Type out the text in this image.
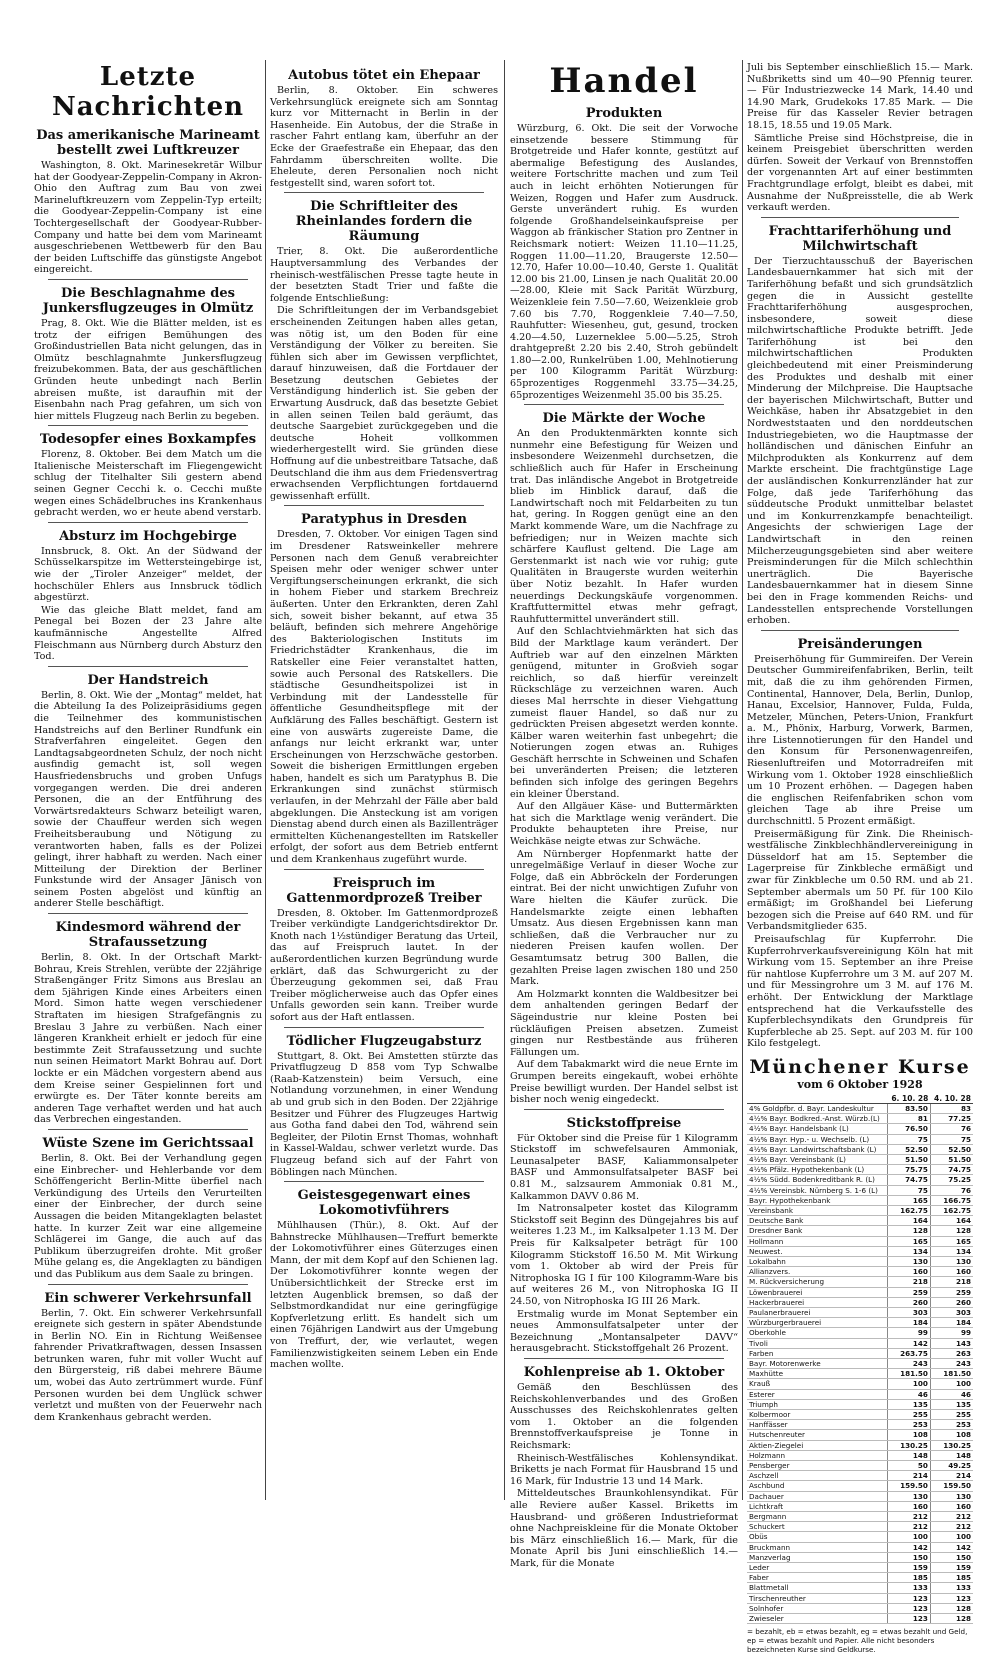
Letzte Nachrichten
Das amerikanische Marineamt bestellt zwei Luftkreuzer

Washington, 8. Okt. Marinesekretär Wilbur hat der Goodyear-Zeppelin-Company in Akron-Ohio den Auftrag zum Bau von zwei Marineluftkreuzern vom Zeppelin-Typ erteilt; die Goodyear-Zeppelin-Company ist eine Tochtergesellschaft der Goodyear-Rubber-Company und hatte bei dem vom Marineamt ausgeschriebenen Wettbewerb für den Bau der beiden Luftschiffe das günstigste Angebot eingereicht.

Die Beschlagnahme des Junkersflugzeuges in Olmütz

Prag, 8. Okt. Wie die Blätter melden, ist es trotz der eifrigen Bemühungen des Großindustriellen Bata nicht gelungen, das in Olmütz beschlagnahmte Junkersflugzeug freizubekommen. Bata, der aus geschäftlichen Gründen heute unbedingt nach Berlin abreisen mußte, ist daraufhin mit der Eisenbahn nach Prag gefahren, um sich von hier mittels Flugzeug nach Berlin zu begeben.

Todesopfer eines Boxkampfes

Florenz, 8. Oktober. Bei dem Match um die Italienische Meisterschaft im Fliegengewicht schlug der Titelhalter Sili gestern abend seinen Gegner Cecchi k. o. Cecchi mußte wegen eines Schädelbruches ins Krankenhaus gebracht werden, wo er heute abend verstarb.

Absturz im Hochgebirge

Innsbruck, 8. Okt. An der Südwand der Schüsselkarspitze im Wettersteingebirge ist, wie der „Tiroler Anzeiger“ meldet, der hochschüler Ehlers aus Innsbruck tödlich abgestürzt.

Wie das gleiche Blatt meldet, fand am Penegal bei Bozen der 23 Jahre alte kaufmännische Angestellte Alfred Fleischmann aus Nürnberg durch Absturz den Tod.

Der Handstreich

Berlin, 8. Okt. Wie der „Montag“ meldet, hat die Abteilung Ia des Polizeipräsidiums gegen die Teilnehmer des kommunistischen Handstreichs auf den Berliner Rundfunk ein Strafverfahren eingeleitet. Gegen den Landtagsabgeordneten Schulz, der noch nicht ausfindig gemacht ist, soll wegen Hausfriedensbruchs und groben Unfugs vorgegangen werden. Die drei anderen Personen, die an der Entführung des Vorwärtsredakteurs Schwarz beteiligt waren, sowie der Chauffeur werden sich wegen Freiheitsberaubung und Nötigung zu verantworten haben, falls es der Polizei gelingt, ihrer habhaft zu werden. Nach einer Mitteilung der Direktion der Berliner Funkstunde wird der Ansager Jänisch von seinem Posten abgelöst und künftig an anderer Stelle beschäftigt.

Kindesmord während der Strafaussetzung

Berlin, 8. Okt. In der Ortschaft Markt-Bohrau, Kreis Strehlen, verübte der 22jährige Straßengänger Fritz Simons aus Breslau an dem 5jährigen Kinde eines Arbeiters einen Mord. Simon hatte wegen verschiedener Straftaten im hiesigen Strafgefängnis zu Breslau 3 Jahre zu verbüßen. Nach einer längeren Krankheit erhielt er jedoch für eine bestimmte Zeit Strafaussetzung und suchte nun seinen Heimatort Markt Bohrau auf. Dort lockte er ein Mädchen vorgestern abend aus dem Kreise seiner Gespielinnen fort und erwürgte es. Der Täter konnte bereits am anderen Tage verhaftet werden und hat auch das Verbrechen eingestanden.

Wüste Szene im Gerichtssaal

Berlin, 8. Okt. Bei der Verhandlung gegen eine Einbrecher- und Hehlerbande vor dem Schöffengericht Berlin-Mitte überfiel nach Verkündigung des Urteils den Verurteilten einer der Einbrecher, der durch seine Aussagen die beiden Mitangeklagten belastet hatte. In kurzer Zeit war eine allgemeine Schlägerei im Gange, die auch auf das Publikum überzugreifen drohte. Mit großer Mühe gelang es, die Angeklagten zu bändigen und das Publikum aus dem Saale zu bringen.

Ein schwerer Verkehrsunfall

Berlin, 7. Okt. Ein schwerer Verkehrsunfall ereignete sich gestern in später Abendstunde in Berlin NO. Ein in Richtung Weißensee fahrender Privatkraftwagen, dessen Insassen betrunken waren, fuhr mit voller Wucht auf den Bürgersteig, riß dabei mehrere Bäume um, wobei das Auto zertrümmert wurde. Fünf Personen wurden bei dem Unglück schwer verletzt und mußten von der Feuerwehr nach dem Krankenhaus gebracht werden.

Autobus tötet ein Ehepaar

Berlin, 8. Oktober. Ein schweres Verkehrsunglück ereignete sich am Sonntag kurz vor Mitternacht in Berlin in der Hasenheide. Ein Autobus, der die Straße in rascher Fahrt entlang kam, überfuhr an der Ecke der Graefestraße ein Ehepaar, das den Fahrdamm überschreiten wollte. Die Eheleute, deren Personalien noch nicht festgestellt sind, waren sofort tot.

Die Schriftleiter des Rheinlandes fordern die Räumung

Trier, 8. Okt. Die außerordentliche Hauptversammlung des Verbandes der rheinisch-westfälischen Presse tagte heute in der besetzten Stadt Trier und faßte die folgende Entschließung:

Die Schriftleitungen der im Verbandsgebiet erscheinenden Zeitungen haben alles getan, was nötig ist, um den Boden für eine Verständigung der Völker zu bereiten. Sie fühlen sich aber im Gewissen verpflichtet, darauf hinzuweisen, daß die Fortdauer der Besetzung deutschen Gebietes der Verständigung hinderlich ist. Sie geben der Erwartung Ausdruck, daß das besetzte Gebiet in allen seinen Teilen bald geräumt, das deutsche Saargebiet zurückgegeben und die deutsche Hoheit vollkommen wiederhergestellt wird. Sie gründen diese Hoffnung auf die unbestreitbare Tatsache, daß Deutschland die ihm aus dem Friedensvertrag erwachsenden Verpflichtungen fortdauernd gewissenhaft erfüllt.

Paratyphus in Dresden

Dresden, 7. Oktober. Vor einigen Tagen sind im Dresdener Ratsweinkeller mehrere Personen nach dem Genuß verabreichter Speisen mehr oder weniger schwer unter Vergiftungserscheinungen erkrankt, die sich in hohem Fieber und starkem Brechreiz äußerten. Unter den Erkrankten, deren Zahl sich, soweit bisher bekannt, auf etwa 35 beläuft, befinden sich mehrere Angehörige des Bakteriologischen Instituts im Friedrichstädter Krankenhaus, die im Ratskeller eine Feier veranstaltet hatten, sowie auch Personal des Ratskellers. Die städtische Gesundheitspolizei ist in Verbindung mit der Landesstelle für öffentliche Gesundheitspflege mit der Aufklärung des Falles beschäftigt. Gestern ist eine von auswärts zugereiste Dame, die anfangs nur leicht erkrankt war, unter Erscheinungen von Herzschwäche gestorben. Soweit die bisherigen Ermittlungen ergeben haben, handelt es sich um Paratyphus B. Die Erkrankungen sind zunächst stürmisch verlaufen, in der Mehrzahl der Fälle aber bald abgeklungen. Die Ansteckung ist am vorigen Dienstag abend durch einen als Bazillenträger ermittelten Küchenangestellten im Ratskeller erfolgt, der sofort aus dem Betrieb entfernt und dem Krankenhaus zugeführt wurde.

Freispruch im Gattenmordprozeß Treiber

Dresden, 8. Oktober. Im Gattenmordprozeß Treiber verkündigte Landgerichtsdirektor Dr. Knoth nach 1½stündiger Beratung das Urteil, das auf Freispruch lautet. In der außerordentlichen kurzen Begründung wurde erklärt, daß das Schwurgericht zu der Überzeugung gekommen sei, daß Frau Treiber möglicherweise auch das Opfer eines Unfalls geworden sein kann. Treiber wurde sofort aus der Haft entlassen.

Tödlicher Flugzeugabsturz

Stuttgart, 8. Okt. Bei Amstetten stürzte das Privatflugzeug D 858 vom Typ Schwalbe (Raab-Katzenstein) beim Versuch, eine Notlandung vorzunehmen, in einer Wendung ab und grub sich in den Boden. Der 22jährige Besitzer und Führer des Flugzeuges Hartwig aus Gotha fand dabei den Tod, während sein Begleiter, der Pilotin Ernst Thomas, wohnhaft in Kassel-Waldau, schwer verletzt wurde. Das Flugzeug befand sich auf der Fahrt von Böblingen nach München.

Geistesgegenwart eines Lokomotivführers

Mühlhausen (Thür.), 8. Okt. Auf der Bahnstrecke Mühlhausen—Treffurt bemerkte der Lokomotivführer eines Güterzuges einen Mann, der mit dem Kopf auf den Schienen lag. Der Lokomotivführer konnte wegen der Unübersichtlichkeit der Strecke erst im letzten Augenblick bremsen, so daß der Selbstmordkandidat nur eine geringfügige Kopfverletzung erlitt. Es handelt sich um einen 76jährigen Landwirt aus der Umgebung von Treffurt, der, wie verlautet, wegen Familienzwistigkeiten seinem Leben ein Ende machen wollte.

Handel
Produkten

Würzburg, 6. Okt. Die seit der Vorwoche einsetzende bessere Stimmung für Brotgetreide und Hafer konnte, gestützt auf abermalige Befestigung des Auslandes, weitere Fortschritte machen und zum Teil auch in leicht erhöhten Notierungen für Weizen, Roggen und Hafer zum Ausdruck. Gerste unverändert ruhig. Es wurden folgende Großhandelseinkaufspreise per Waggon ab fränkischer Station pro Zentner in Reichsmark notiert: Weizen 11.10—11.25, Roggen 11.00—11.20, Braugerste 12.50—12.70, Hafer 10.00—10.40, Gerste 1. Qualität 12.00 bis 21.00, Linsen je nach Qualität 20.00—28.00, Kleie mit Sack Parität Würzburg, Weizenkleie fein 7.50—7.60, Weizenkleie grob 7.60 bis 7.70, Roggenkleie 7.40—7.50, Rauhfutter: Wiesenheu, gut, gesund, trocken 4.20—4.50, Luzerneklee 5.00—5.25, Stroh drahtgepreßt 2.20 bis 2.40, Stroh gebündelt 1.80—2.00, Runkelrüben 1.00, Mehlnotierung per 100 Kilogramm Parität Würzburg: 65prozentiges Roggenmehl 33.75—34.25, 65prozentiges Weizenmehl 35.00 bis 35.25.

Die Märkte der Woche

An den Produktenmärkten konnte sich nunmehr eine Befestigung für Weizen und insbesondere Weizenmehl durchsetzen, die schließlich auch für Hafer in Erscheinung trat. Das inländische Angebot in Brotgetreide blieb im Hinblick darauf, daß die Landwirtschaft noch mit Feldarbeiten zu tun hat, gering. In Roggen genügt eine an den Markt kommende Ware, um die Nachfrage zu befriedigen; nur in Weizen machte sich schärfere Kauflust geltend. Die Lage am Gerstenmarkt ist nach wie vor ruhig; gute Qualitäten in Braugerste wurden weiterhin über Notiz bezahlt. In Hafer wurden neuerdings Deckungskäufe vorgenommen. Kraftfuttermittel etwas mehr gefragt, Rauhfuttermittel unverändert still.

Auf den Schlachtviehmärkten hat sich das Bild der Marktlage kaum verändert. Der Auftrieb war auf den einzelnen Märkten genügend, mitunter in Großvieh sogar reichlich, so daß hierfür vereinzelt Rückschläge zu verzeichnen waren. Auch dieses Mal herrschte in dieser Viehgattung zumeist flauer Handel, so daß nur zu gedrückten Preisen abgesetzt werden konnte. Kälber waren weiterhin fast unbegehrt; die Notierungen zogen etwas an. Ruhiges Geschäft herrschte in Schweinen und Schafen bei unveränderten Preisen; die letzteren befinden sich infolge des geringen Begehrs ein kleiner Überstand.

Auf den Allgäuer Käse- und Buttermärkten hat sich die Marktlage wenig verändert. Die Produkte behaupteten ihre Preise, nur Weichkäse neigte etwas zur Schwäche.

Am Nürnberger Hopfenmarkt hatte der unregelmäßige Verlauf in dieser Woche zur Folge, daß ein Abbröckeln der Forderungen eintrat. Bei der nicht unwichtigen Zufuhr von Ware hielten die Käufer zurück. Die Handelsmarkte zeigte einen lebhaften Umsatz. Aus diesen Ergebnissen kann man schließen, daß die Verbraucher nur zu niederen Preisen kaufen wollen. Der Gesamtumsatz betrug 300 Ballen, die gezahlten Preise lagen zwischen 180 und 250 Mark.

Am Holzmarkt konnten die Waldbesitzer bei dem anhaltenden geringen Bedarf der Sägeindustrie nur kleine Posten bei rückläufigen Preisen absetzen. Zumeist gingen nur Restbestände aus früheren Fällungen um.

Auf dem Tabakmarkt wird die neue Ernte im Grumpen bereits eingekauft, wobei erhöhte Preise bewilligt wurden. Der Handel selbst ist bisher noch wenig eingedeckt.

Stickstoffpreise

Für Oktober sind die Preise für 1 Kilogramm Stickstoff im schwefelsauren Ammoniak, Leunasalpeter BASF, Kaliammonsalpeter BASF und Ammonsulfatsalpeter BASF bei 0.81 M., salzsaurem Ammoniak 0.81 M., Kalkammon DAVV 0.86 M.

Im Natronsalpeter kostet das Kilogramm Stickstoff seit Beginn des Düngejahres bis auf weiteres 1.23 M., im Kalksalpeter 1.13 M. Der Preis für Kalksalpeter beträgt für 100 Kilogramm Stickstoff 16.50 M. Mit Wirkung vom 1. Oktober ab wird der Preis für Nitrophoska IG I für 100 Kilogramm-Ware bis auf weiteres 26 M., von Nitrophoska IG II 24.50, von Nitrophoska IG III 26 Mark.

Erstmalig wurde im Monat September ein neues Ammonsulfatsalpeter unter der Bezeichnung „Montansalpeter DAVV“ herausgebracht. Stickstoffgehalt 26 Prozent.

Kohlenpreise ab 1. Oktober

Gemäß den Beschlüssen des Reichskohlenverbandes und des Großen Ausschusses des Reichskohlenrates gelten vom 1. Oktober an die folgenden Brennstoffverkaufspreise je Tonne in Reichsmark:

Rheinisch-Westfälisches Kohlensyndikat. Briketts je nach Format für Hausbrand 15 und 16 Mark, für Industrie 13 und 14 Mark.

Mitteldeutsches Braunkohlensyndikat. Für alle Reviere außer Kassel. Briketts im Hausbrand- und größeren Industrieformat ohne Nachpreiskleine für die Monate Oktober bis März einschließlich 16.— Mark, für die Monate April bis Juni einschließlich 14.— Mark, für die Monate

Juli bis September einschließlich 15.— Mark. Nußbriketts sind um 40—90 Pfennig teurer. — Für Industriezwecke 14 Mark, 14.40 und 14.90 Mark, Grudekoks 17.85 Mark. — Die Preise für das Kasseler Revier betragen 18.15, 18.55 und 19.05 Mark.

Sämtliche Preise sind Höchstpreise, die in keinem Preisgebiet überschritten werden dürfen. Soweit der Verkauf von Brennstoffen der vorgenannten Art auf einer bestimmten Frachtgrundlage erfolgt, bleibt es dabei, mit Ausnahme der Nußpreisstelle, die ab Werk verkauft werden.

Frachttariferhöhung und Milchwirtschaft

Der Tierzuchtausschuß der Bayerischen Landesbauernkammer hat sich mit der Tariferhöhung befaßt und sich grundsätzlich gegen die in Aussicht gestellte Frachttariferhöhung ausgesprochen, insbesondere, soweit diese milchwirtschaftliche Produkte betrifft. Jede Tariferhöhung ist bei den milchwirtschaftlichen Produkten gleichbedeutend mit einer Preisminderung des Produktes und deshalb mit einer Minderung der Milchpreise. Die Hauptsache der bayerischen Milchwirtschaft, Butter und Weichkäse, haben ihr Absatzgebiet in den Nordweststaaten und den norddeutschen Industriegebieten, wo die Hauptmasse der holländischen und dänischen Einfuhr an Milchprodukten als Konkurrenz auf dem Markte erscheint. Die frachtgünstige Lage der ausländischen Konkurrenzländer hat zur Folge, daß jede Tariferhöhung das süddeutsche Produkt unmittelbar belastet und im Konkurrenzkampfe benachteiligt. Angesichts der schwierigen Lage der Landwirtschaft in den reinen Milcherzeugungsgebieten sind aber weitere Preisminderungen für die Milch schlechthin unerträglich. Die Bayerische Landesbauernkammer hat in diesem Sinne bei den in Frage kommenden Reichs- und Landesstellen entsprechende Vorstellungen erhoben.

Preisänderungen

Preiserhöhung für Gummireifen. Der Verein Deutscher Gummireifenfabriken, Berlin, teilt mit, daß die zu ihm gehörenden Firmen, Continental, Hannover, Dela, Berlin, Dunlop, Hanau, Excelsior, Hannover, Fulda, Fulda, Metzeler, München, Peters-Union, Frankfurt a. M., Phönix, Harburg, Vorwerk, Barmen, ihre Listennotierungen für den Handel und den Konsum für Personenwagenreifen, Riesenluftreifen und Motorradreifen mit Wirkung vom 1. Oktober 1928 einschließlich um 10 Prozent erhöhen. — Dagegen haben die englischen Reifenfabriken schon vom gleichen Tage ab ihre Preise um durchschnittl. 5 Prozent ermäßigt.

Preisermäßigung für Zink. Die Rheinisch-westfälische Zinkblechhändlervereinigung in Düsseldorf hat am 15. September die Lagerpreise für Zinkbleche ermäßigt und zwar für Zinkbleche um 0.50 RM. und ab 21. September abermals um 50 Pf. für 100 Kilo ermäßigt; im Großhandel bei Lieferung bezogen sich die Preise auf 640 RM. und für Verbandsmitglieder 635.

Preisaufschlag für Kupferrohr. Die Kupferrohrverkaufsvereinigung Köln hat mit Wirkung vom 15. September an ihre Preise für nahtlose Kupferrohre um 3 M. auf 207 M. und für Messingrohre um 3 M. auf 176 M. erhöht. Der Entwicklung der Marktlage entsprechend hat die Verkaufsstelle des Kupferblechsyndikats den Grundpreis für Kupferbleche ab 25. Sept. auf 203 M. für 100 Kilo festgelegt.

Münchener Kurse
vom 6 Oktober 1928
	6. 10. 28	4. 10. 28
4% Goldpfbr. d. Bayr. Landeskultur	83.50	83
4½% Bayr. Bodkred.-Anst. Würzb.(L)	81	77.25
4½% Bayr. Handelsbank (L)	76.50	76
4½% Bayr. Hyp.- u. Wechselb. (L)	75	75
4½% Bayr. Landwirtschaftsbank (L)	52.50	52.50
4½% Bayr. Vereinsbank (L)	51.50	51.50
4½% Pfälz. Hypothekenbank (L)	75.75	74.75
4½% Südd. Bodenkreditbank R. (L)	74.75	75.25
4½% Vereinsbk. Nürnberg S. 1-6 (L)	75	76
Bayr. Hypothekenbank	165	166.75
Vereinsbank	162.75	162.75
Deutsche Bank	164	164
Dresdner Bank	128	128
Hollmann	165	165
Neuwest.	134	134
Lokalbahn	130	130
Allianzvers.	160	160
M. Rückversicherung	218	218
Löwenbrauerei	259	259
Hackerbrauerei	260	260
Paulanerbrauerei	303	303
Würzburgerbrauerei	184	184
Oberkohle	99	99
Tivoli	142	143
Farben	263.75	263
Bayr. Motorenwerke	243	243
Maxhütte	181.50	181.50
Krauß	100	100
Esterer	46	46
Triumph	135	135
Kolbermoor	255	255
Hanffässer	253	253
Hutschenreuter	108	108
Aktien-Ziegelei	130.25	130.25
Holzmann	148	148
Pensberger	50	49.25
Aschzell	214	214
Aschbund	159.50	159.50
Dachauer	130	130
Lichtkraft	160	160
Bergmann	212	212
Schuckert	212	212
Obüs	100	100
Bruckmann	142	142
Manzverlag	150	150
Leder	159	159
Faber	185	185
Blattmetall	133	133
Tirschenreuther	123	123
Solnhofer	123	128
Zwieseler	123	128
= bezahlt, eb = etwas bezahlt, eg = etwas bezahlt und Geld, ep = etwas bezahlt und Papier. Alle nicht besonders bezeichneten Kurse sind Geldkurse.
